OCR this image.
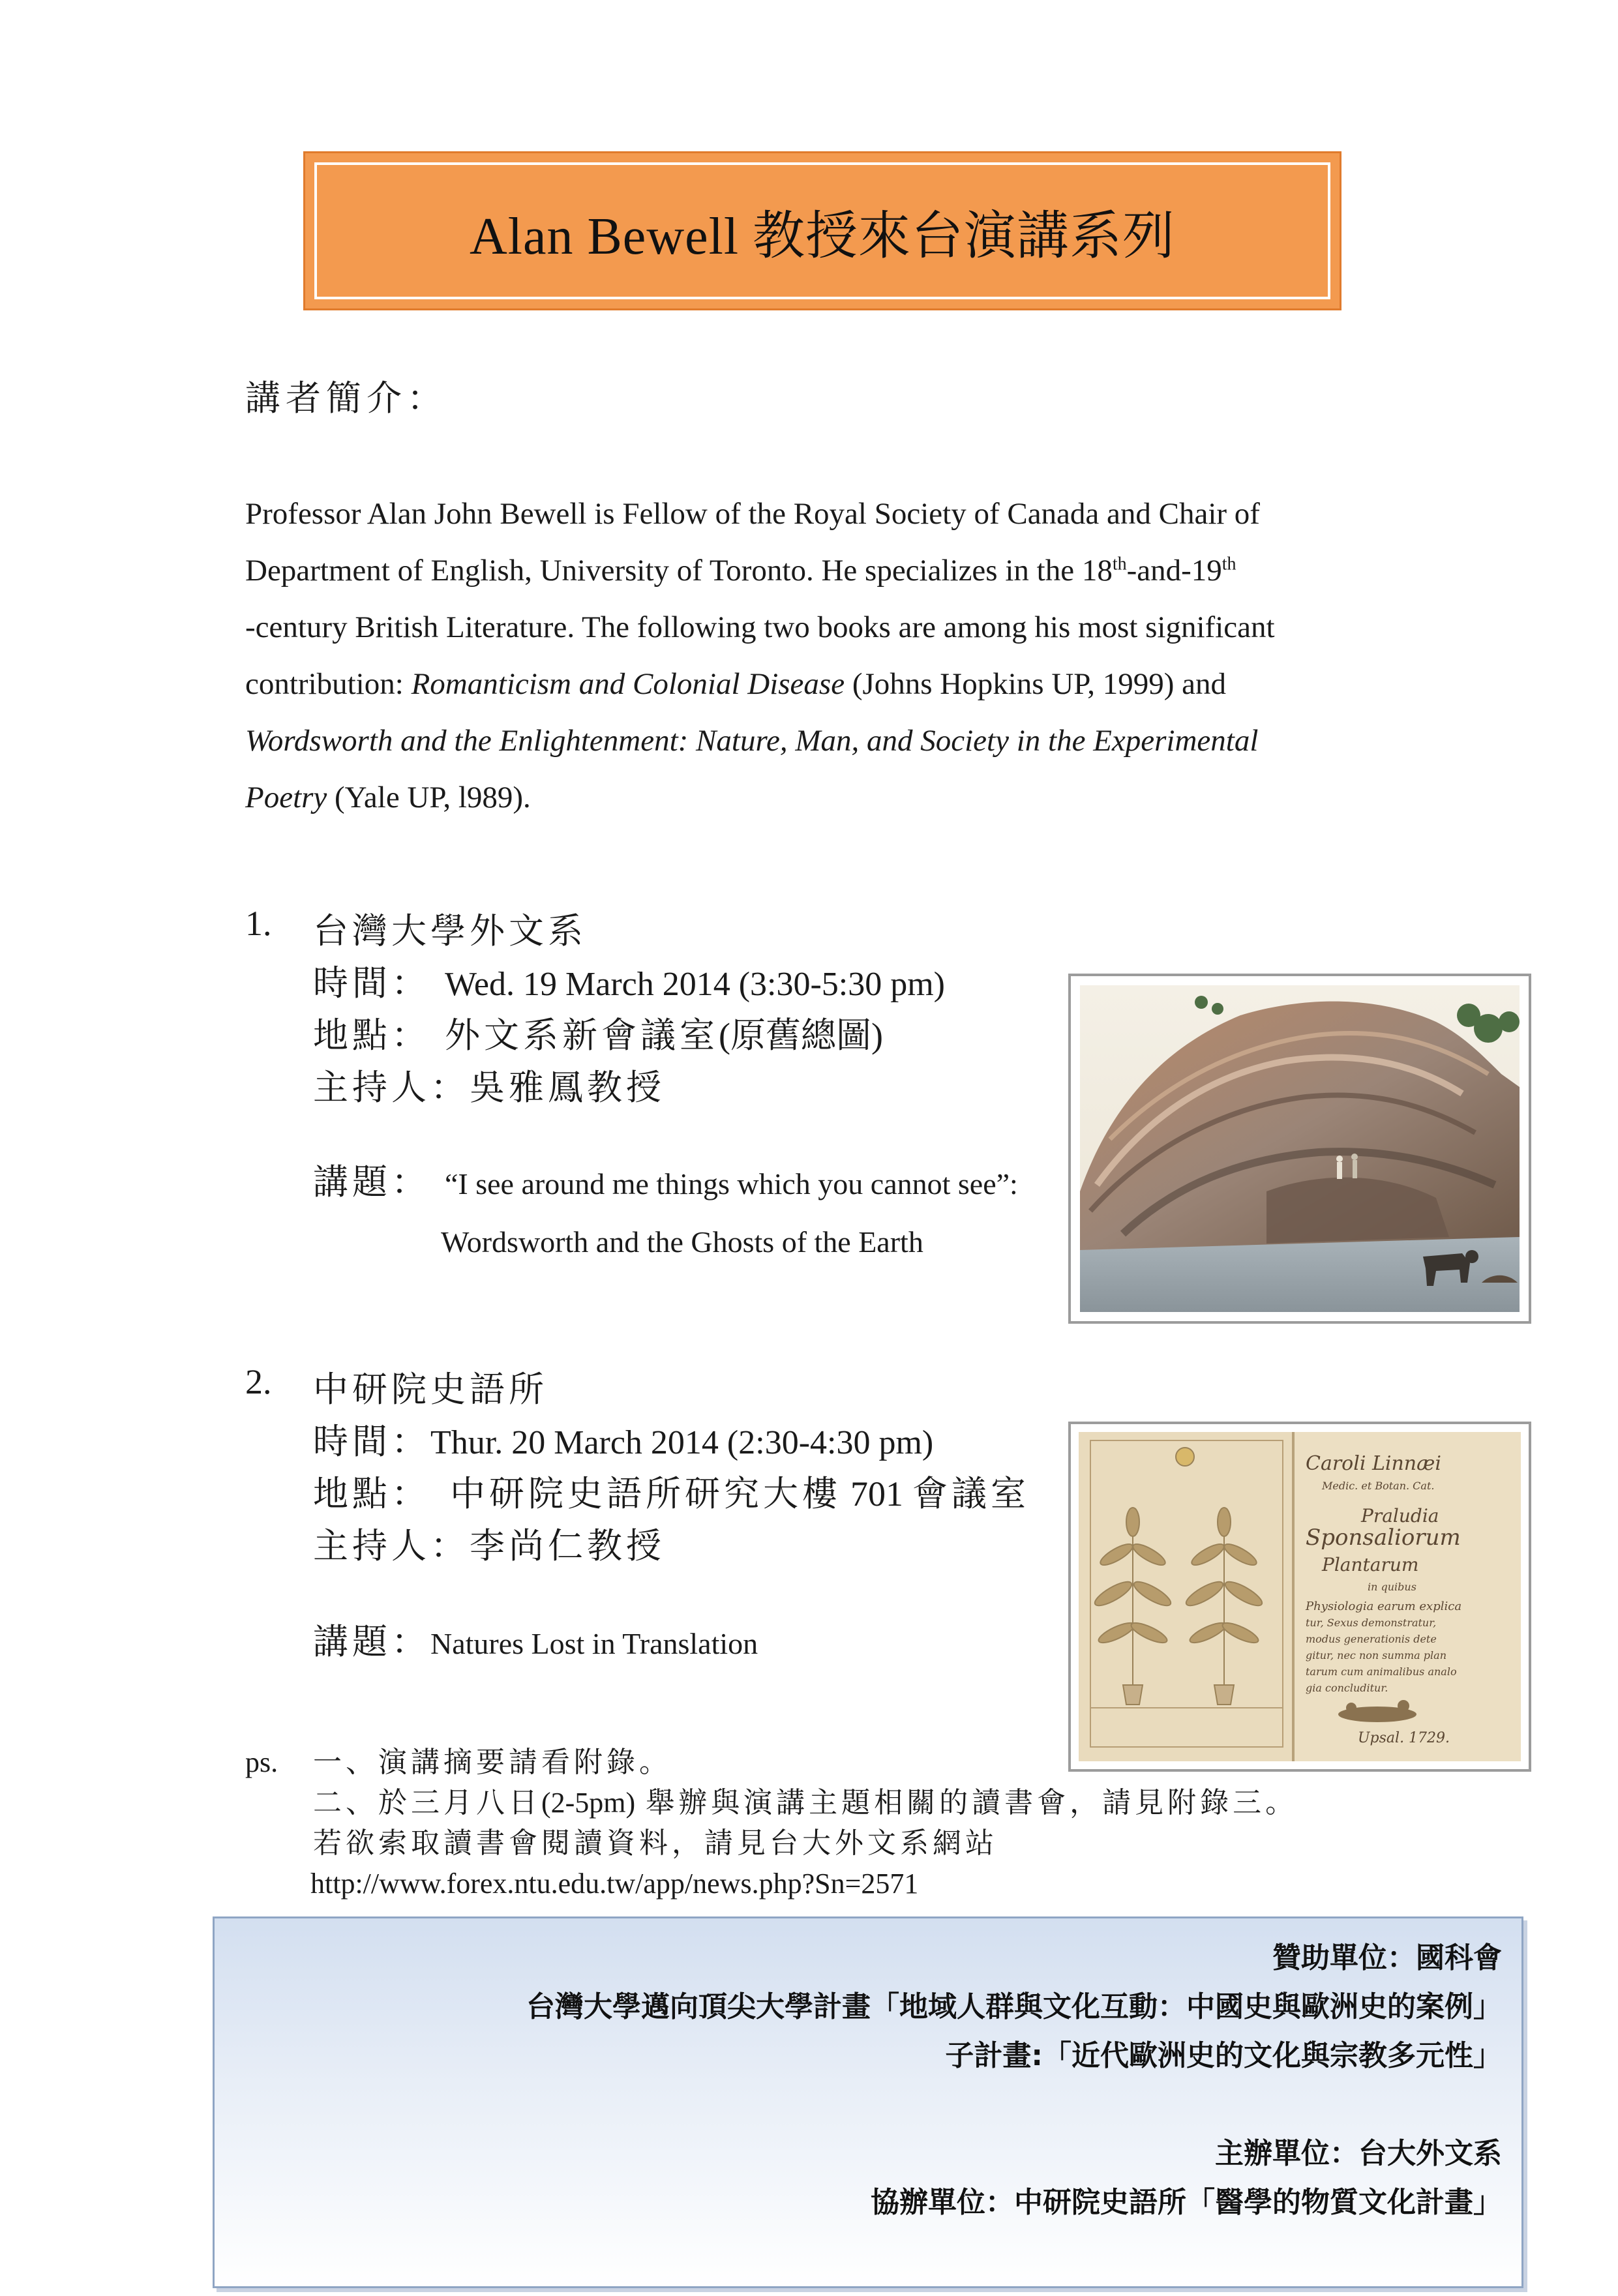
Alan Bewell 教授來台演講系列
講者簡介：

Professor Alan John Bewell is Fellow of the Royal Society of Canada and Chair of

Department of English, University of Toronto. He specializes in the 18th-and-19th

-century British Literature. The following two books are among his most significant

contribution: Romanticism and Colonial Disease (Johns Hopkins UP, 1999) and

Wordsworth and the Enlightenment: Nature, Man, and Society in the Experimental

Poetry (Yale UP, l989).

1. 台灣大學外文系
時間： Wed. 19 March 2014 (3:30-5:30 pm)
地點： 外文系新會議室(原舊總圖)
主持人：吳雅鳳教授
講題： “I see around me things which you cannot see”:
Wordsworth and the Ghosts of the Earth
2. 中研院史語所
時間：Thur. 20 March 2014 (2:30-4:30 pm)
地點： 中研院史語所研究大樓 701 會議室
主持人：李尚仁教授
講題：Natures Lost in Translation
Caroli Linnæi
Medic. et Botan. Cat.
Praludia
Sponsaliorum
Plantarum
in quibus
Physiologia earum explica
tur, Sexus demonstratur,
modus generationis dete
gitur, nec non summa plan
tarum cum animalibus analo
gia concluditur.
Upsal. 1729.
ps. 一、演講摘要請看附錄。
二、於三月八日(2-5pm) 舉辦與演講主題相關的讀書會，請見附錄三。
若欲索取讀書會閱讀資料，請見台大外文系網站
http://www.forex.ntu.edu.tw/app/news.php?Sn=2571
贊助單位：國科會
台灣大學邁向頂尖大學計畫「地域人群與文化互動：中國史與歐洲史的案例」
子計畫:「近代歐洲史的文化與宗教多元性」
主辦單位：台大外文系
協辦單位：中研院史語所「醫學的物質文化計畫」
